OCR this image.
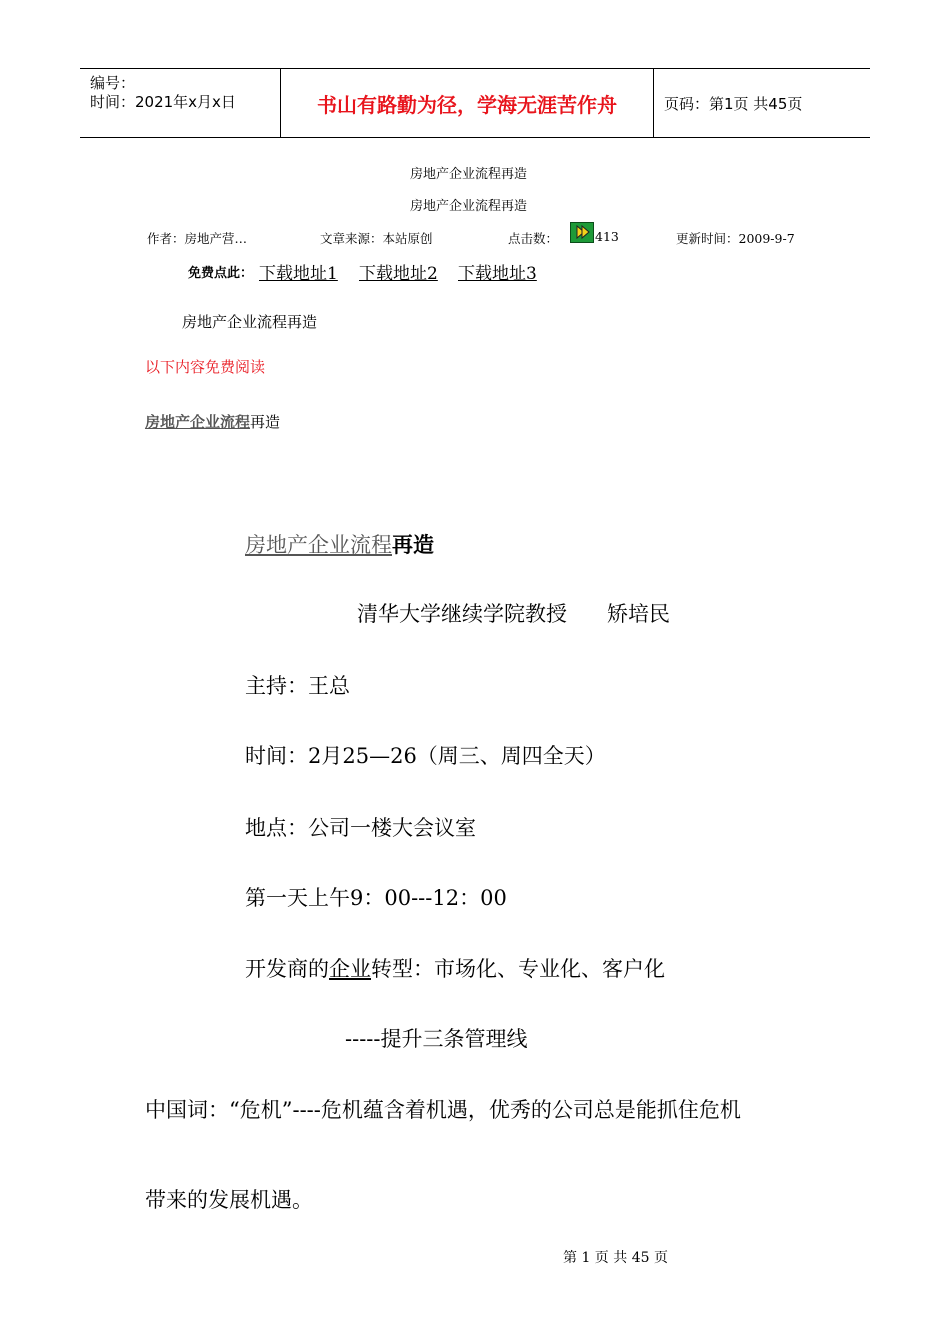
编号：
时间：2021年x月x日	书山有路勤为径，学海无涯苦作舟	页码：第1页 共45页
房地产企业流程再造
房地产企业流程再造
作者：房地产营…	文章来源：本站原创	点击数：	413	更新时间：2009-9-7
免费点此： 下载地址1 下载地址2 下载地址3
房地产企业流程再造
以下内容免费阅读
房地产企业流程再造
房地产企业流程再造
清华大学继续学院教授      矫培民
主持：王总
时间：2月25—26（周三、周四全天）
地点：公司一楼大会议室
第一天上午9：00---12：00
开发商的企业转型：市场化、专业化、客户化
-----提升三条管理线
中国词：“危机”----危机蕴含着机遇，优秀的公司总是能抓住危机
带来的发展机遇。
第 1 页 共 45 页
